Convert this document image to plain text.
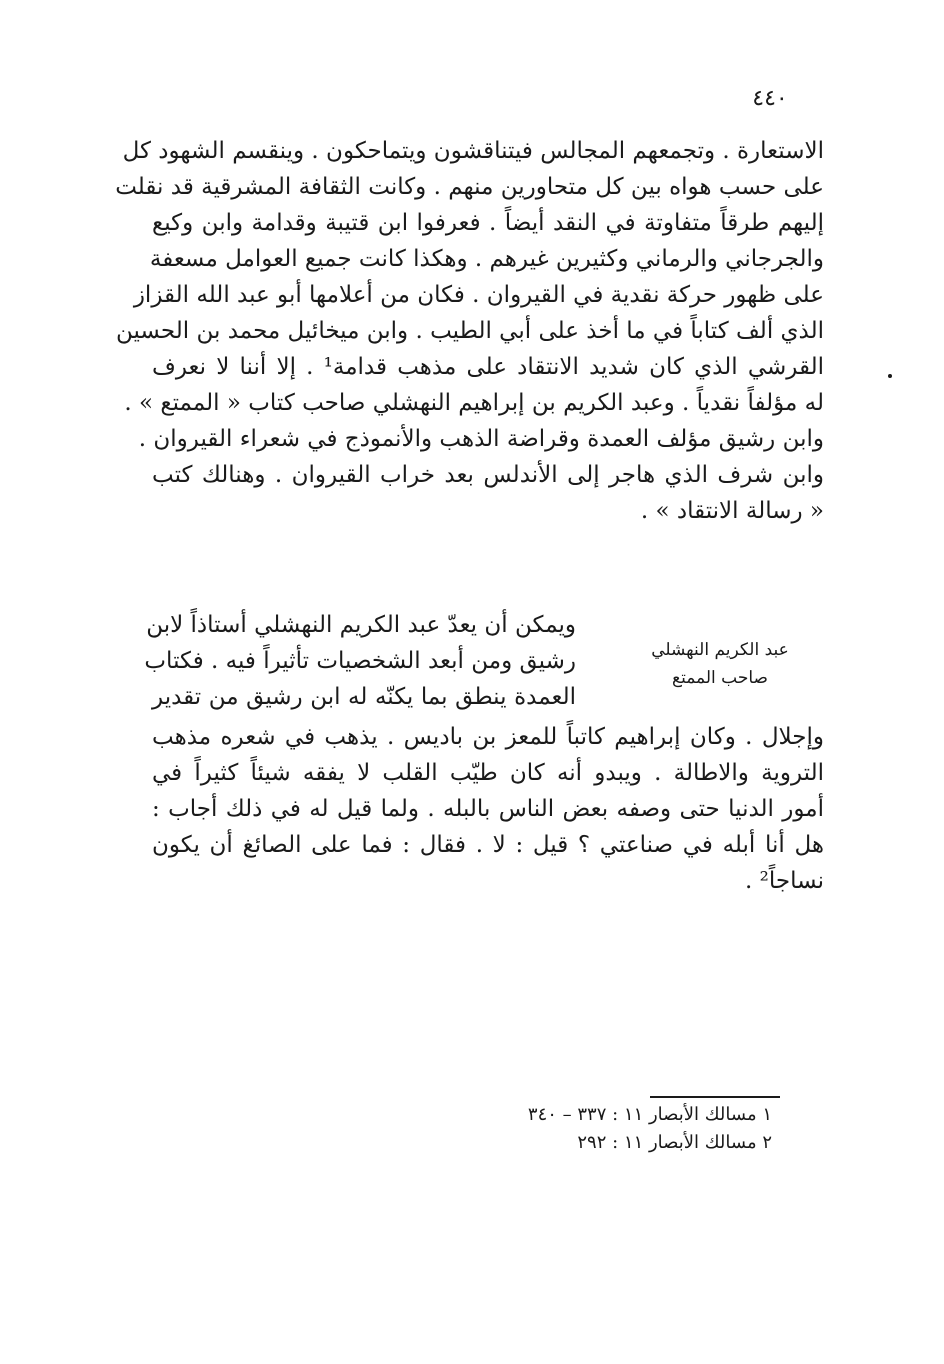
٤٤٠
الاستعارة . وتجمعهم المجالس فيتناقشون ويتماحكون . وينقسم الشهود كل
على حسب هواه بين كل متحاورين منهم . وكانت الثقافة المشرقية قد نقلت
إليهم طرقاً متفاوتة في النقد أيضاً . فعرفوا ابن قتيبة وقدامة وابن وكيع
والجرجاني والرماني وكثيرين غيرهم . وهكذا كانت جميع العوامل مسعفة
على ظهور حركة نقدية في القيروان . فكان من أعلامها أبو عبد الله القزاز
الذي ألف كتاباً في ما أخذ على أبي الطيب . وابن ميخائيل محمد بن الحسين
القرشي الذي كان شديد الانتقاد على مذهب قدامة¹ . إلا أننا لا نعرف
له مؤلفاً نقدياً . وعبد الكريم بن إبراهيم النهشلي صاحب كتاب « الممتع » .
وابن رشيق مؤلف العمدة وقراضة الذهب والأنموذج في شعراء القيروان .
وابن شرف الذي هاجر إلى الأندلس بعد خراب القيروان . وهنالك كتب
« رسالة الانتقاد » .
عبد الكريم النهشلي
صاحب الممتع
ويمكن أن يعدّ عبد الكريم النهشلي أستاذاً لابن
رشيق ومن أبعد الشخصيات تأثيراً فيه . فكتاب
العمدة ينطق بما يكنّه له ابن رشيق من تقدير
وإجلال . وكان إبراهيم كاتباً للمعز بن باديس . يذهب في شعره مذهب
التروية والاطالة . ويبدو أنه كان طيّب القلب لا يفقه شيئاً كثيراً في
أمور الدنيا حتى وصفه بعض الناس بالبله . ولما قيل له في ذلك أجاب :
هل أنا أبله في صناعتي ؟ قيل : لا . فقال : فما على الصائغ أن يكون
نساجاً² .
١ مسالك الأبصار ١١ : ٣٣٧ – ٣٤٠
٢ مسالك الأبصار ١١ : ٢٩٢
